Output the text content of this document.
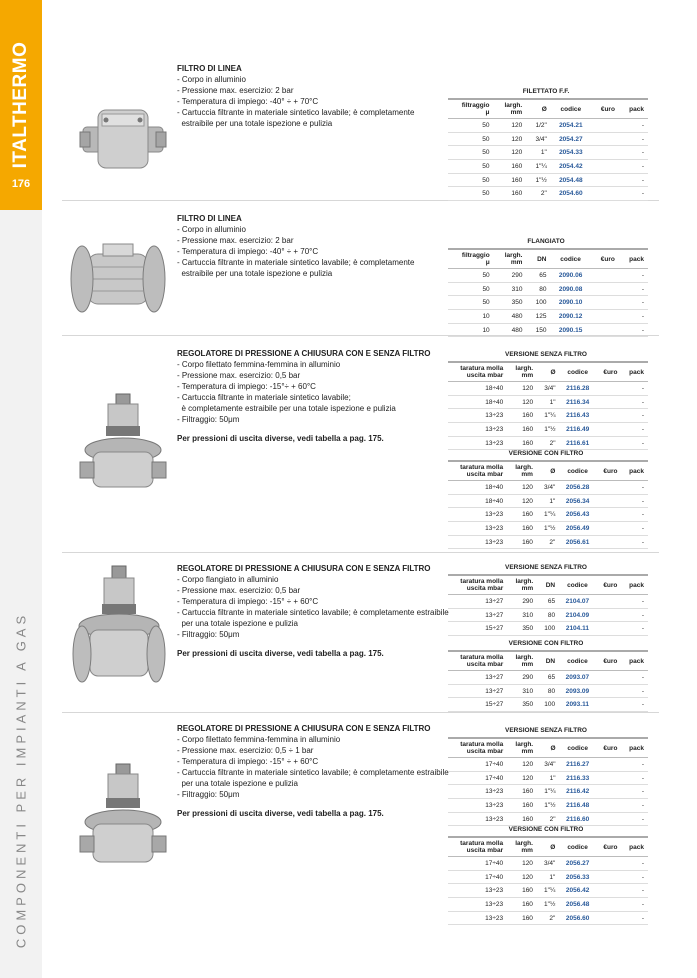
ITALTHERMO
176
COMPONENTI PER IMPIANTI A GAS
FILTRO DI LINEA
- Corpo in alluminio
- Pressione max. esercizio: 2 bar
- Temperatura di impiego: -40° ÷ + 70°C
- Cartuccia filtrante in materiale sintetico lavabile; è completamente
estraibile per una totale ispezione e pulizia
FILTRO DI LINEA
- Corpo in alluminio
- Pressione max. esercizio: 2 bar
- Temperatura di impiego: -40° ÷ + 70°C
- Cartuccia filtrante in materiale sintetico lavabile; è completamente
estraibile per una totale ispezione e pulizia
REGOLATORE DI PRESSIONE A CHIUSURA CON E SENZA FILTRO
- Corpo filettato femmina-femmina in alluminio
- Pressione max. esercizio: 0,5 bar
- Temperatura di impiego: -15°÷ + 60°C
- Cartuccia filtrante in materiale sintetico lavabile;
è completamente estraibile per una totale ispezione e pulizia
- Filtraggio: 50μm
Per pressioni di uscita diverse, vedi tabella a pag. 175.
REGOLATORE DI PRESSIONE A CHIUSURA CON E SENZA FILTRO
- Corpo flangiato in alluminio
- Pressione max. esercizio: 0,5 bar
- Temperatura di impiego: -15° ÷ + 60°C
- Cartuccia filtrante in materiale sintetico lavabile; è completamente estraibile
per una totale ispezione e pulizia
- Filtraggio: 50μm
Per pressioni di uscita diverse, vedi tabella a pag. 175.
REGOLATORE DI PRESSIONE A CHIUSURA CON E SENZA FILTRO
- Corpo filettato femmina-femmina in alluminio
- Pressione max. esercizio: 0,5 ÷ 1 bar
- Temperatura di impiego: -15° ÷ + 60°C
- Cartuccia filtrante in materiale sintetico lavabile; è completamente estraibile
per una totale ispezione e pulizia
- Filtraggio: 50μm
Per pressioni di uscita diverse, vedi tabella a pag. 175.
FILETTATO F.F.					
filtraggio
μ	largh.
mm	Ø	codice	€uro	pack
50	120	1/2"	2054.21		-
50	120	3/4"	2054.27		-
50	120	1"	2054.33		-
50	160	1"¼	2054.42		-
50	160	1"½	2054.48		-
50	160	2"	2054.60		-
FLANGIATO					
filtraggio
μ	largh.
mm	DN	codice	€uro	pack
50	290	65	2090.06		-
50	310	80	2090.08		-
50	350	100	2090.10		-
10	480	125	2090.12		-
10	480	150	2090.15		-
VERSIONE SENZA FILTRO					
taratura molla
uscita mbar	largh.
mm	Ø	codice	€uro	pack
18÷40	120	3/4"	2116.28		-
18÷40	120	1"	2116.34		-
13÷23	160	1"¼	2116.43		-
13÷23	160	1"½	2116.49		-
13÷23	160	2"	2116.61		-
VERSIONE CON FILTRO					
taratura molla
uscita mbar	largh.
mm	Ø	codice	€uro	pack
18÷40	120	3/4"	2056.28		-
18÷40	120	1"	2056.34		-
13÷23	160	1"¼	2056.43		-
13÷23	160	1"½	2056.49		-
13÷23	160	2"	2056.61		-
VERSIONE SENZA FILTRO					
taratura molla
uscita mbar	largh.
mm	DN	codice	€uro	pack
13÷27	290	65	2104.07		-
13÷27	310	80	2104.09		-
15÷27	350	100	2104.11		-
VERSIONE CON FILTRO					
taratura molla
uscita mbar	largh.
mm	DN	codice	€uro	pack
13÷27	290	65	2093.07		-
13÷27	310	80	2093.09		-
15÷27	350	100	2093.11		-
VERSIONE SENZA FILTRO					
taratura molla
uscita mbar	largh.
mm	Ø	codice	€uro	pack
17÷40	120	3/4"	2116.27		-
17÷40	120	1"	2116.33		-
13÷23	160	1"¼	2116.42		-
13÷23	160	1"½	2116.48		-
13÷23	160	2"	2116.60		-
VERSIONE CON FILTRO					
taratura molla
uscita mbar	largh.
mm	Ø	codice	€uro	pack
17÷40	120	3/4"	2056.27		-
17÷40	120	1"	2056.33		-
13÷23	160	1"¼	2056.42		-
13÷23	160	1"½	2056.48		-
13÷23	160	2"	2056.60		-
